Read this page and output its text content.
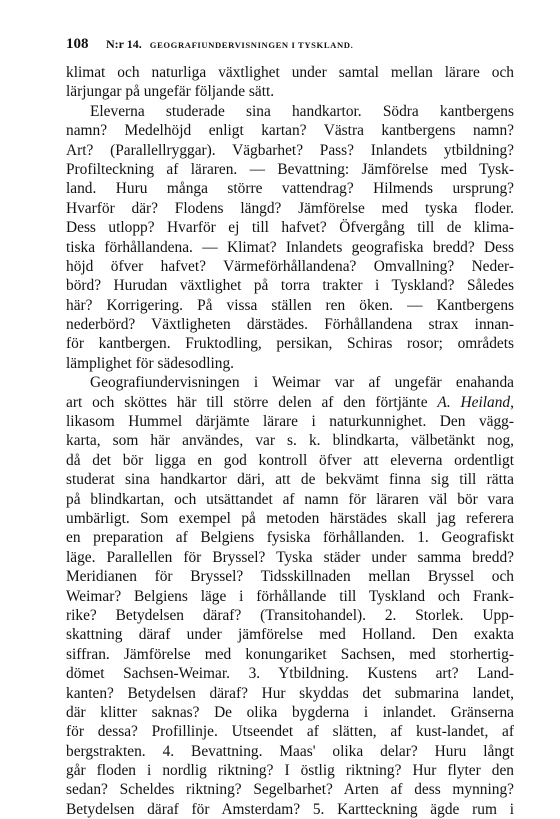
108	N:r 14. GEOGRAFIUNDERVISNINGEN I TYSKLAND.
klimat och naturliga växtlighet under samtal mellan lärare och
lärjungar på ungefär följande sätt.
Eleverna studerade sina handkartor. Södra kantbergens
namn? Medelhöjd enligt kartan? Västra kantbergens namn?
Art? (Parallellryggar). Vägbarhet? Pass? Inlandets ytbildning?
Profilteckning af läraren. — Bevattning: Jämförelse med Tysk-
land. Huru många större vattendrag? Hilmends ursprung?
Hvarför där? Flodens längd? Jämförelse med tyska floder.
Dess utlopp? Hvarför ej till hafvet? Öfvergång till de klima-
tiska förhållandena. — Klimat? Inlandets geografiska bredd? Dess
höjd öfver hafvet? Värmeförhållandena? Omvallning? Neder-
börd? Hurudan växtlighet på torra trakter i Tyskland? Således
här? Korrigering. På vissa ställen ren öken. — Kantbergens
nederbörd? Växtligheten därstädes. Förhållandena strax innan-
för kantbergen. Fruktodling, persikan, Schiras rosor; områdets
lämplighet för sädesodling.
Geografiundervisningen i Weimar var af ungefär enahanda
art och sköttes här till större delen af den förtjänte A. Heiland,
likasom Hummel därjämte lärare i naturkunnighet. Den vägg-
karta, som här användes, var s. k. blindkarta, välbetänkt nog,
då det bör ligga en god kontroll öfver att eleverna ordentligt
studerat sina handkartor däri, att de bekvämt finna sig till rätta
på blindkartan, och utsättandet af namn för läraren väl bör vara
umbärligt. Som exempel på metoden härstädes skall jag referera
en preparation af Belgiens fysiska förhållanden. 1. Geografiskt
läge. Parallellen för Bryssel? Tyska städer under samma bredd?
Meridianen för Bryssel? Tidsskillnaden mellan Bryssel och
Weimar? Belgiens läge i förhållande till Tyskland och Frank-
rike? Betydelsen däraf? (Transitohandel). 2. Storlek. Upp-
skattning däraf under jämförelse med Holland. Den exakta
siffran. Jämförelse med konungariket Sachsen, med storhertig-
dömet Sachsen-Weimar. 3. Ytbildning. Kustens art? Land-
kanten? Betydelsen däraf? Hur skyddas det submarina landet,
där klitter saknas? De olika bygderna i inlandet. Gränserna
för dessa? Profillinje. Utseendet af slätten, af kust-landet, af
bergstrakten. 4. Bevattning. Maas' olika delar? Huru långt
går floden i nordlig riktning? I östlig riktning? Hur flyter den
sedan? Scheldes riktning? Segelbarhet? Arten af dess mynning?
Betydelsen däraf för Amsterdam? 5. Kartteckning ägde rum i
